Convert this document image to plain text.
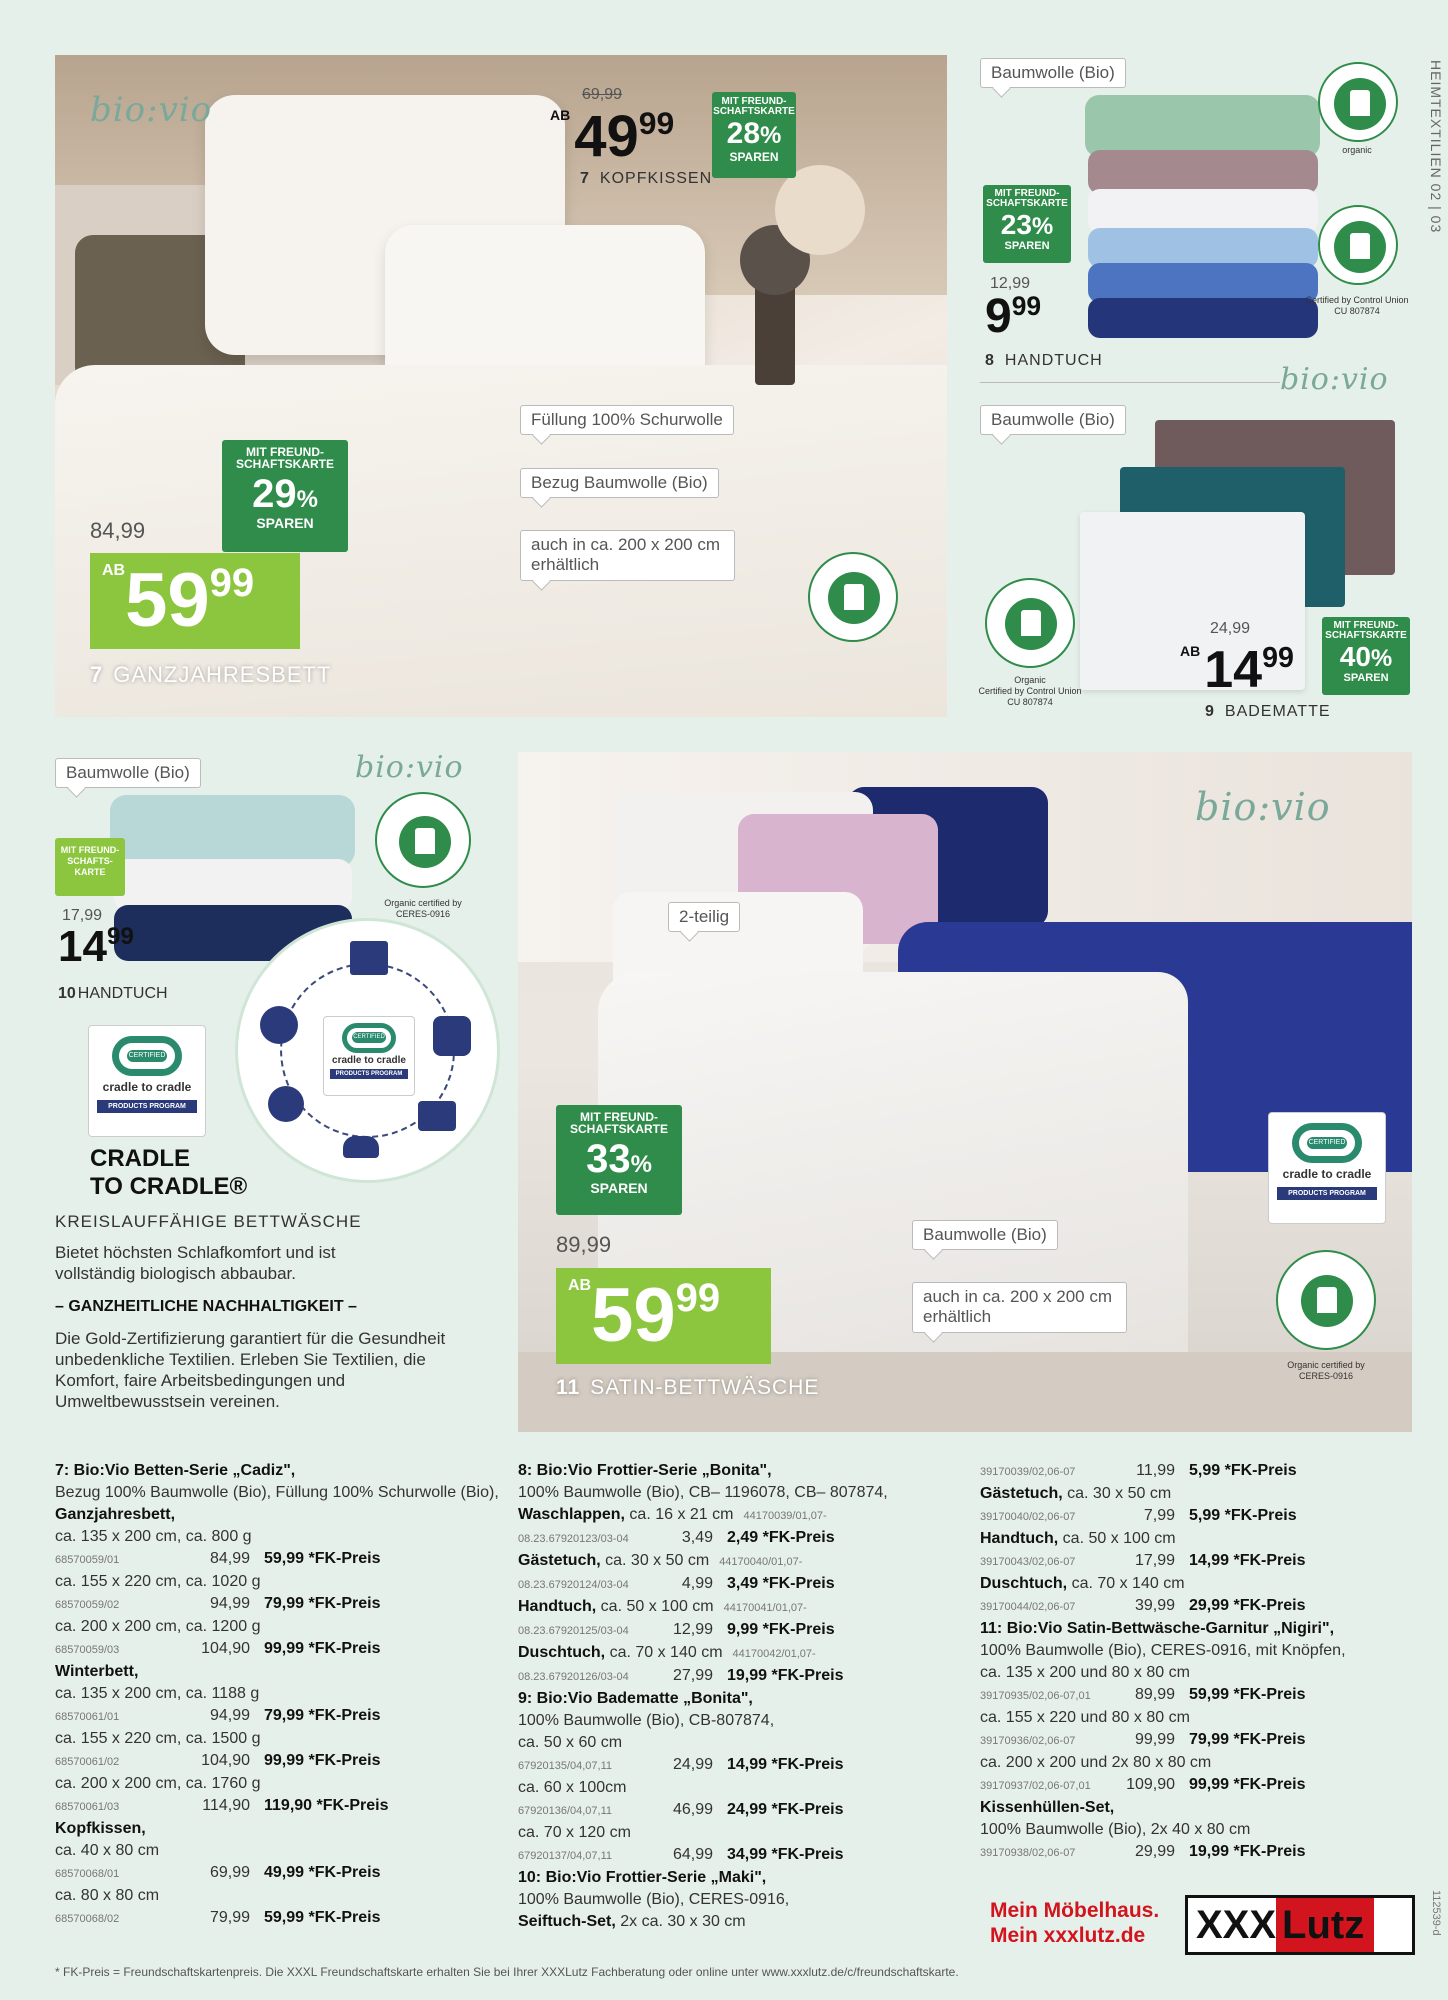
HEIMTEXTILIEN 02 | 03
bio:vio	69,99
$^{AB}49^{99}$
7 KOPFKISSEN
MIT FREUND-
SCHAFTSKARTE
28%
SPAREN
Füllung 100% Schurwolle
Bezug Baumwolle (Bio)
auch in ca. 200 x 200 cm erhältlich
MIT FREUND-
SCHAFTSKARTE
29%
SPAREN
84,99
AB5999
7 GANZJAHRESBETT
Baumwolle (Bio)
organic
Certified by Control Union CU 807874
MIT FREUND-
SCHAFTSKARTE
23%
SPAREN
12,99
$9^{99}$
8 HANDTUCH
bio:vio
Baumwolle (Bio)
Organic
Certified by Control Union CU 807874
24,99
$^{AB}14^{99}$
MIT FREUND-
SCHAFTSKARTE
40%
SPAREN
9 BADEMATTE
Baumwolle (Bio)	bio:vio
Organic certified by CERES-0916
MIT FREUND-
SCHAFTS-
KARTE
17,99
$14^{99}$
10 HANDTUCH
CERTIFIED
cradle to cradle
PRODUCTS PROGRAM
CERTIFIED
cradle to cradle
PRODUCTS PROGRAM
CRADLE
TO CRADLE®
KREISLAUFFÄHIGE BETTWÄSCHE
Bietet höchsten Schlafkomfort und ist vollständig biologisch abbaubar.
– GANZHEITLICHE NACHHALTIGKEIT –
Die Gold-Zertifizierung garantiert für die Gesundheit unbedenkliche Textilien. Erleben Sie Textilien, die Komfort, faire Arbeitsbedingungen und Umweltbewusstsein vereinen.
bio:vio
2-teilig
Baumwolle (Bio)
auch in ca. 200 x 200 cm erhältlich
CERTIFIED
cradle to cradle
PRODUCTS PROGRAM
Organic certified by CERES-0916
MIT FREUND-
SCHAFTSKARTE
33%
SPAREN
89,99
AB5999
11 SATIN-BETTWÄSCHE
7: Bio:Vio Betten-Serie „Cadiz",
Bezug 100% Baumwolle (Bio), Füllung 100% Schurwolle (Bio),
Ganzjahresbett,
ca. 135 x 200 cm, ca. 800 g
68570059/01	84,99 59,99 *FK-Preis
ca. 155 x 220 cm, ca. 1020 g
68570059/02	94,99 79,99 *FK-Preis
ca. 200 x 200 cm, ca. 1200 g
68570059/03	104,90 99,99 *FK-Preis
Winterbett,
ca. 135 x 200 cm, ca. 1188 g
68570061/01	94,99 79,99 *FK-Preis
ca. 155 x 220 cm, ca. 1500 g
68570061/02	104,90 99,99 *FK-Preis
ca. 200 x 200 cm, ca. 1760 g
68570061/03	114,90 119,90 *FK-Preis
Kopfkissen,
ca. 40 x 80 cm
68570068/01	69,99 49,99 *FK-Preis
ca. 80 x 80 cm
68570068/02	79,99 59,99 *FK-Preis
8: Bio:Vio Frottier-Serie „Bonita",
100% Baumwolle (Bio), CB– 1196078, CB– 807874,
Waschlappen, ca. 16 x 21 cm 44170039/01,07-
08.23.67920123/03-04	3,49 2,49 *FK-Preis
Gästetuch, ca. 30 x 50 cm 44170040/01,07-
08.23.67920124/03-04	4,99 3,49 *FK-Preis
Handtuch, ca. 50 x 100 cm 44170041/01,07-
08.23.67920125/03-04	12,99 9,99 *FK-Preis
Duschtuch, ca. 70 x 140 cm 44170042/01,07-
08.23.67920126/03-04	27,99 19,99 *FK-Preis
9: Bio:Vio Badematte „Bonita",
100% Baumwolle (Bio), CB-807874,
ca. 50 x 60 cm
67920135/04,07,11	24,99 14,99 *FK-Preis
ca. 60 x 100cm
67920136/04,07,11	46,99 24,99 *FK-Preis
ca. 70 x 120 cm
67920137/04,07,11	64,99 34,99 *FK-Preis
10: Bio:Vio Frottier-Serie „Maki",
100% Baumwolle (Bio), CERES-0916,
Seiftuch-Set, 2x ca. 30 x 30 cm
39170039/02,06-07	11,99 5,99 *FK-Preis
Gästetuch, ca. 30 x 50 cm
39170040/02,06-07	7,99 5,99 *FK-Preis
Handtuch, ca. 50 x 100 cm
39170043/02,06-07	17,99 14,99 *FK-Preis
Duschtuch, ca. 70 x 140 cm
39170044/02,06-07	39,99 29,99 *FK-Preis
11: Bio:Vio Satin-Bettwäsche-Garnitur „Nigiri",
100% Baumwolle (Bio), CERES-0916, mit Knöpfen,
ca. 135 x 200 und 80 x 80 cm
39170935/02,06-07,01	89,99 59,99 *FK-Preis
ca. 155 x 220 und 80 x 80 cm
39170936/02,06-07	99,99 79,99 *FK-Preis
ca. 200 x 200 und 2x 80 x 80 cm
39170937/02,06-07,01 109,90 99,99 *FK-Preis
Kissenhüllen-Set,
100% Baumwolle (Bio), 2x 40 x 80 cm
39170938/02,06-07	29,99 19,99 *FK-Preis
Mein Möbelhaus.
Mein xxxlutz.de	XXX Lutz	112539-d
* FK-Preis = Freundschaftskartenpreis. Die XXXL Freundschaftskarte erhalten Sie bei Ihrer XXXLutz Fachberatung oder online unter www.xxxlutz.de/c/freundschaftskarte.
